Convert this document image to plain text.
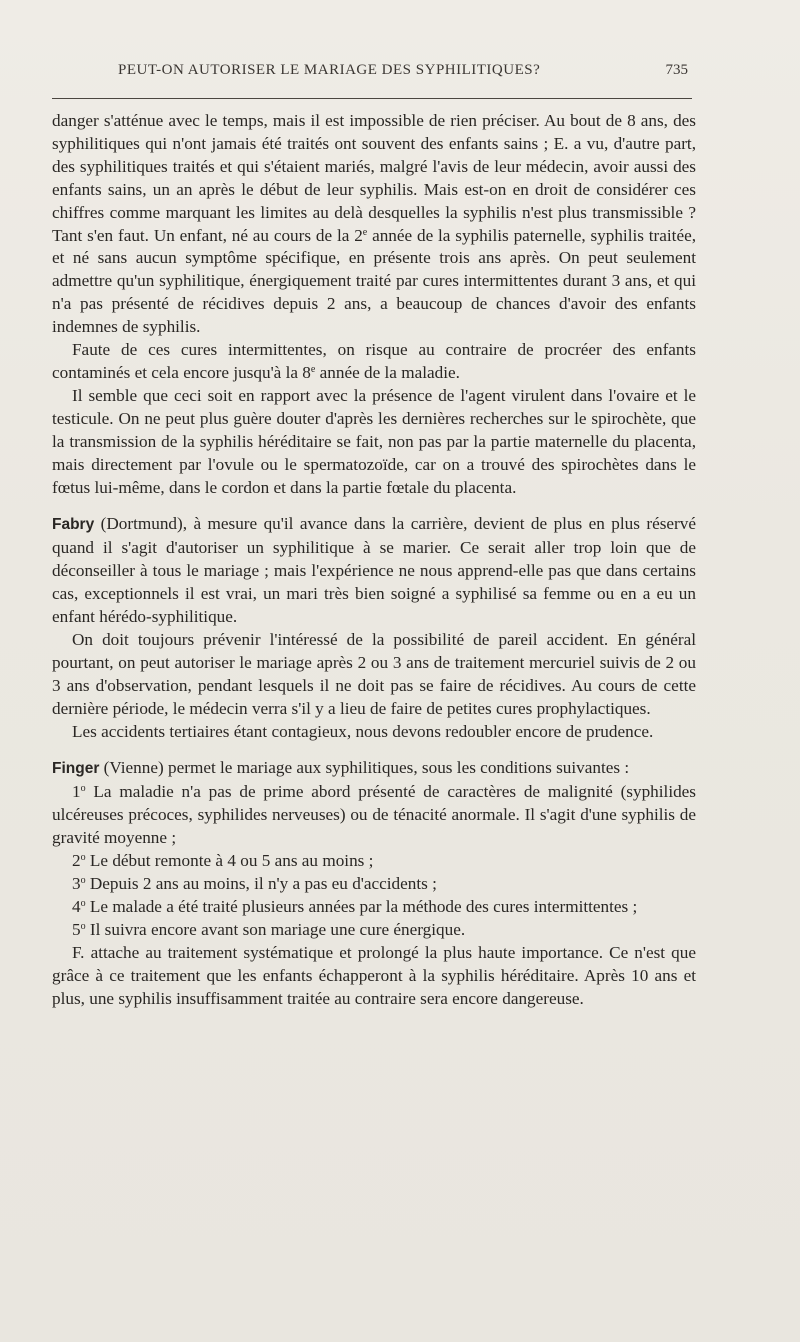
PEUT-ON AUTORISER LE MARIAGE DES SYPHILITIQUES?	735

danger s'atténue avec le temps, mais il est impossible de rien préciser. Au bout de 8 ans, des syphilitiques qui n'ont jamais été traités ont souvent des enfants sains ; E. a vu, d'autre part, des syphilitiques traités et qui s'étaient mariés, malgré l'avis de leur médecin, avoir aussi des enfants sains, un an après le début de leur syphilis. Mais est-on en droit de considérer ces chiffres comme marquant les limites au delà desquelles la syphilis n'est plus transmissible ? Tant s'en faut. Un enfant, né au cours de la 2e année de la syphilis paternelle, syphilis traitée, et né sans aucun symptôme spécifique, en présente trois ans après. On peut seulement admettre qu'un syphilitique, énergiquement traité par cures intermittentes durant 3 ans, et qui n'a pas présenté de récidives depuis 2 ans, a beaucoup de chances d'avoir des enfants indemnes de syphilis.

Faute de ces cures intermittentes, on risque au contraire de procréer des enfants contaminés et cela encore jusqu'à la 8e année de la maladie.

Il semble que ceci soit en rapport avec la présence de l'agent virulent dans l'ovaire et le testicule. On ne peut plus guère douter d'après les dernières recherches sur le spirochète, que la transmission de la syphilis héréditaire se fait, non pas par la partie maternelle du placenta, mais directement par l'ovule ou le spermatozoïde, car on a trouvé des spirochètes dans le fœtus lui-même, dans le cordon et dans la partie fœtale du placenta.

Fabry (Dortmund), à mesure qu'il avance dans la carrière, devient de plus en plus réservé quand il s'agit d'autoriser un syphilitique à se marier. Ce serait aller trop loin que de déconseiller à tous le mariage ; mais l'expérience ne nous apprend-elle pas que dans certains cas, exceptionnels il est vrai, un mari très bien soigné a syphilisé sa femme ou en a eu un enfant hérédo-syphilitique.

On doit toujours prévenir l'intéressé de la possibilité de pareil accident. En général pourtant, on peut autoriser le mariage après 2 ou 3 ans de traitement mercuriel suivis de 2 ou 3 ans d'observation, pendant lesquels il ne doit pas se faire de récidives. Au cours de cette dernière période, le médecin verra s'il y a lieu de faire de petites cures prophylactiques.

Les accidents tertiaires étant contagieux, nous devons redoubler encore de prudence.

Finger (Vienne) permet le mariage aux syphilitiques, sous les conditions suivantes :

1$^o$ La maladie n'a pas de prime abord présenté de caractères de malignité (syphilides ulcéreuses précoces, syphilides nerveuses) ou de ténacité anormale. Il s'agit d'une syphilis de gravité moyenne ;

2$^o$ Le début remonte à 4 ou 5 ans au moins ;

3$^o$ Depuis 2 ans au moins, il n'y a pas eu d'accidents ;

4$^o$ Le malade a été traité plusieurs années par la méthode des cures intermittentes ;

5$^o$ Il suivra encore avant son mariage une cure énergique.

F. attache au traitement systématique et prolongé la plus haute importance. Ce n'est que grâce à ce traitement que les enfants échapperont à la syphilis héréditaire. Après 10 ans et plus, une syphilis insuffisamment traitée au contraire sera encore dangereuse.
